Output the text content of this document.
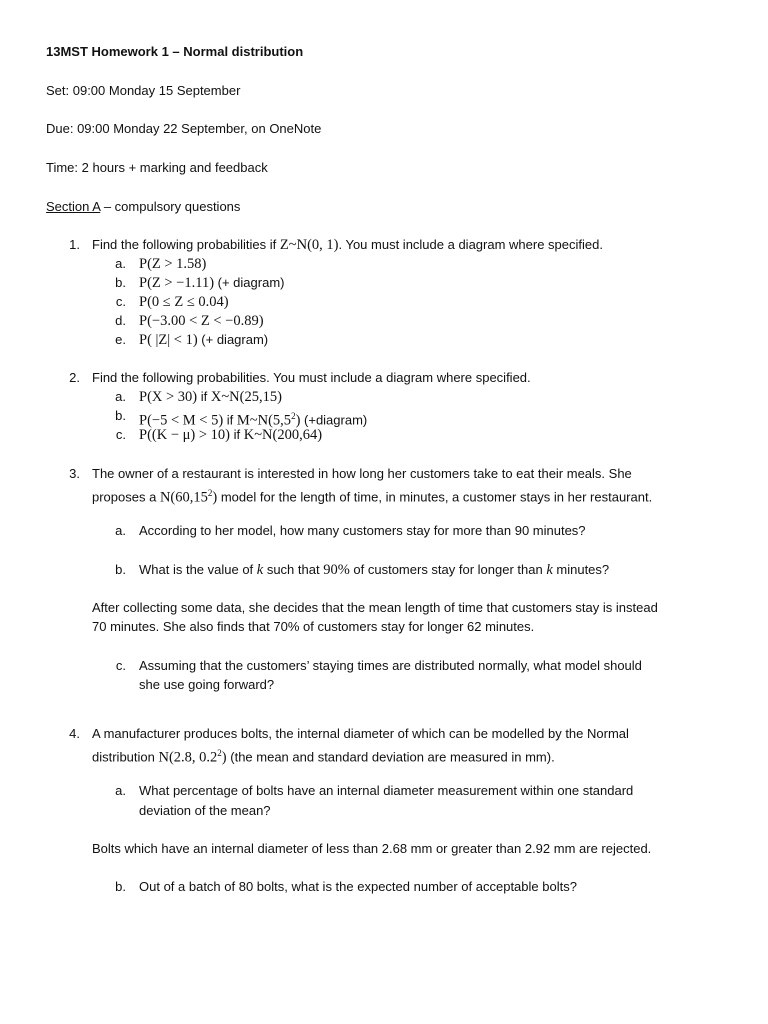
13MST Homework 1 – Normal distribution
Set: 09:00 Monday 15 September
Due: 09:00 Monday 22 September, on OneNote
Time: 2 hours + marking and feedback
Section A – compulsory questions
1. Find the following probabilities if Z~N(0, 1). You must include a diagram where specified.
a. P(Z > 1.58)
b. P(Z > −1.11) (+ diagram)
c. P(0 ≤ Z ≤ 0.04)
d. P(−3.00 < Z < −0.89)
e. P( |Z| < 1) (+ diagram)
2. Find the following probabilities. You must include a diagram where specified.
a. P(X > 30) if X~N(25,15)
b. P(−5 < M < 5) if $M\sim N(5,5^2)$ (+diagram)
c. P((K − μ) > 10) if K~N(200,64)
3. The owner of a restaurant is interested in how long her customers take to eat their meals. She
proposes a N(60,15$^2$) model for the length of time, in minutes, a customer stays in her restaurant.
a. According to her model, how many customers stay for more than 90 minutes?
b. What is the value of k such that 90% of customers stay for longer than k minutes?
After collecting some data, she decides that the mean length of time that customers stay is instead
70 minutes. She also finds that 70% of customers stay for longer 62 minutes.
c. Assuming that the customers’ staying times are distributed normally, what model should
she use going forward?
4. A manufacturer produces bolts, the internal diameter of which can be modelled by the Normal
distribution N(2.8, $0.2^2$) (the mean and standard deviation are measured in mm).
a. What percentage of bolts have an internal diameter measurement within one standard
deviation of the mean?
Bolts which have an internal diameter of less than 2.68 mm or greater than 2.92 mm are rejected.
b. Out of a batch of 80 bolts, what is the expected number of acceptable bolts?
